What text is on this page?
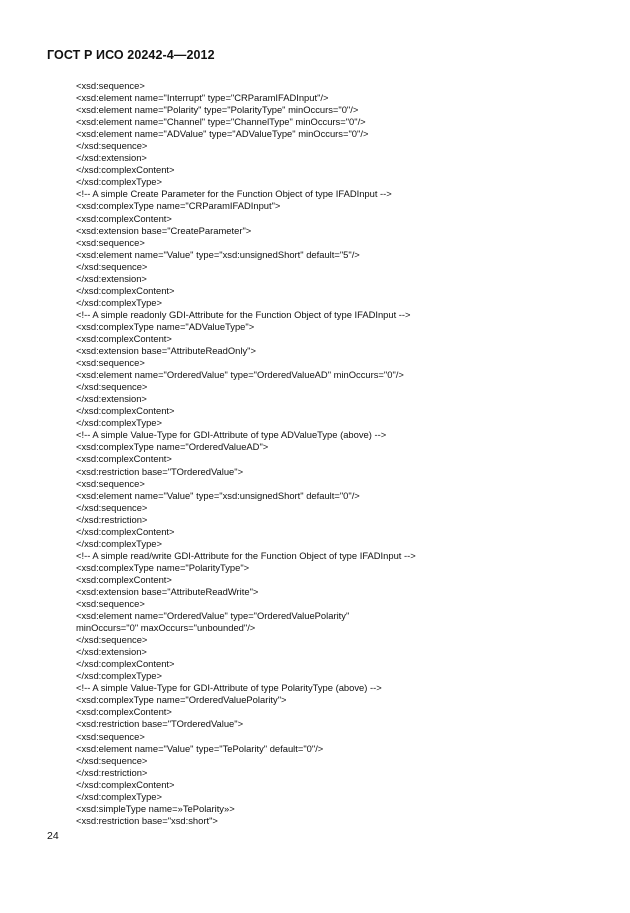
ГОСТ Р ИСО 20242-4—2012
<xsd:sequence>
<xsd:element name="Interrupt" type="CRParamIFADInput"/>
<xsd:element name="Polarity" type="PolarityType" minOccurs="0"/>
<xsd:element name="Channel" type="ChannelType" minOccurs="0"/>
<xsd:element name="ADValue" type="ADValueType" minOccurs="0"/>
</xsd:sequence>
</xsd:extension>
</xsd:complexContent>
</xsd:complexType>
<!-- A simple Create Parameter for the Function Object of type IFADInput -->
<xsd:complexType name="CRParamIFADInput">
<xsd:complexContent>
<xsd:extension base="CreateParameter">
<xsd:sequence>
<xsd:element name="Value" type="xsd:unsignedShort" default="5"/>
</xsd:sequence>
</xsd:extension>
</xsd:complexContent>
</xsd:complexType>
<!-- A simple readonly GDI-Attribute for the Function Object of type IFADInput -->
<xsd:complexType name="ADValueType">
<xsd:complexContent>
<xsd:extension base="AttributeReadOnly">
<xsd:sequence>
<xsd:element name="OrderedValue" type="OrderedValueAD" minOccurs="0"/>
</xsd:sequence>
</xsd:extension>
</xsd:complexContent>
</xsd:complexType>
<!-- A simple Value-Type for GDI-Attribute of type ADValueType (above) -->
<xsd:complexType name="OrderedValueAD">
<xsd:complexContent>
<xsd:restriction base="TOrderedValue">
<xsd:sequence>
<xsd:element name="Value" type="xsd:unsignedShort" default="0"/>
</xsd:sequence>
</xsd:restriction>
</xsd:complexContent>
</xsd:complexType>
<!-- A simple read/write GDI-Attribute for the Function Object of type IFADInput -->
<xsd:complexType name="PolarityType">
<xsd:complexContent>
<xsd:extension base="AttributeReadWrite">
<xsd:sequence>
<xsd:element name="OrderedValue" type="OrderedValuePolarity"
minOccurs="0" maxOccurs="unbounded"/>
</xsd:sequence>
</xsd:extension>
</xsd:complexContent>
</xsd:complexType>
<!-- A simple Value-Type for GDI-Attribute of type PolarityType (above) -->
<xsd:complexType name="OrderedValuePolarity">
<xsd:complexContent>
<xsd:restriction base="TOrderedValue">
<xsd:sequence>
<xsd:element name="Value" type="TePolarity" default="0"/>
</xsd:sequence>
</xsd:restriction>
</xsd:complexContent>
</xsd:complexType>
<xsd:simpleType name=»TePolarity»>
<xsd:restriction base="xsd:short">
24
